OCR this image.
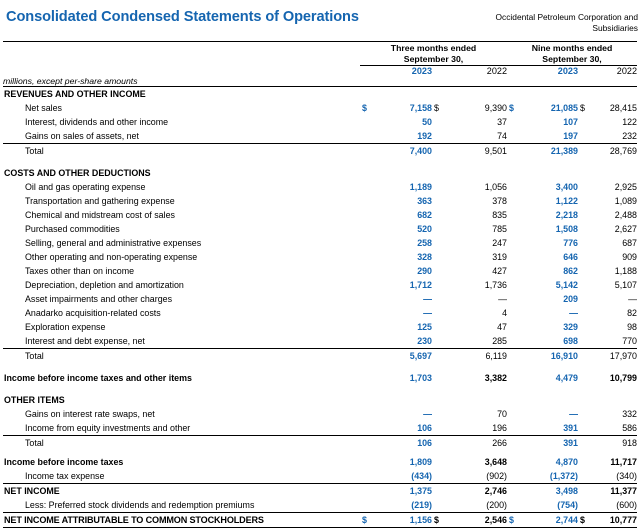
Consolidated Condensed Statements of Operations	Occidental Petroleum Corporation and
Subsidiaries

Three months ended
September 30,

Nine months ended
September 30,

		2023		2022		2023		2022
millions, except per-share amounts								

REVENUES AND OTHER INCOME								
Net sales	$	7,158	$	9,390	$	21,085	$	28,415
Interest, dividends and other income		50		37		107		122
Gains on sales of assets, net		192		74		197		232
Total		7,400		9,501		21,389		28,769

COSTS AND OTHER DEDUCTIONS								
Oil and gas operating expense		1,189		1,056		3,400		2,925
Transportation and gathering expense		363		378		1,122		1,089
Chemical and midstream cost of sales		682		835		2,218		2,488
Purchased commodities		520		785		1,508		2,627
Selling, general and administrative expenses		258		247		776		687
Other operating and non-operating expense		328		319		646		909
Taxes other than on income		290		427		862		1,188
Depreciation, depletion and amortization		1,712		1,736		5,142		5,107
Asset impairments and other charges		—		—		209		—
Anadarko acquisition-related costs		—		4		—		82
Exploration expense		125		47		329		98
Interest and debt expense, net		230		285		698		770
Total		5,697		6,119		16,910		17,970

Income before income taxes and other items		1,703		3,382		4,479		10,799

OTHER ITEMS								
Gains on interest rate swaps, net		—		70		—		332
Income from equity investments and other		106		196		391		586
Total		106		266		391		918

Income before income taxes		1,809		3,648		4,870		11,717
Income tax expense		(434)		(902)		(1,372)		(340)
NET INCOME		1,375		2,746		3,498		11,377
Less: Preferred stock dividends and redemption premiums		(219)		(200)		(754)		(600)
NET INCOME ATTRIBUTABLE TO COMMON STOCKHOLDERS	$	1,156	$	2,546	$	2,744	$	10,777
